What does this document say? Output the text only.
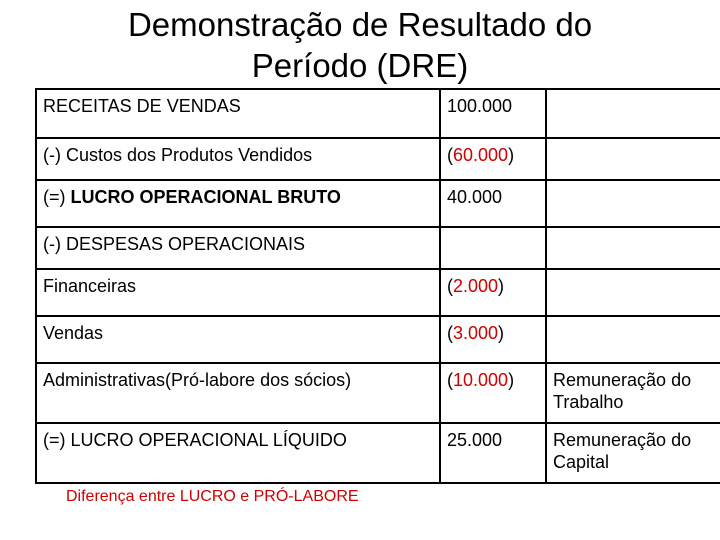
Demonstração de Resultado do
Período (DRE)
RECEITAS DE VENDAS	100.000	
(-) Custos dos Produtos Vendidos	(60.000)	
(=) LUCRO OPERACIONAL BRUTO	40.000	
(-) DESPESAS OPERACIONAIS		
Financeiras	(2.000)	
Vendas	(3.000)	
Administrativas(Pró-labore dos sócios)	(10.000)	Remuneração do
Trabalho
(=) LUCRO OPERACIONAL LÍQUIDO	25.000	Remuneração do
Capital
Diferença entre LUCRO e PRÓ-LABORE
